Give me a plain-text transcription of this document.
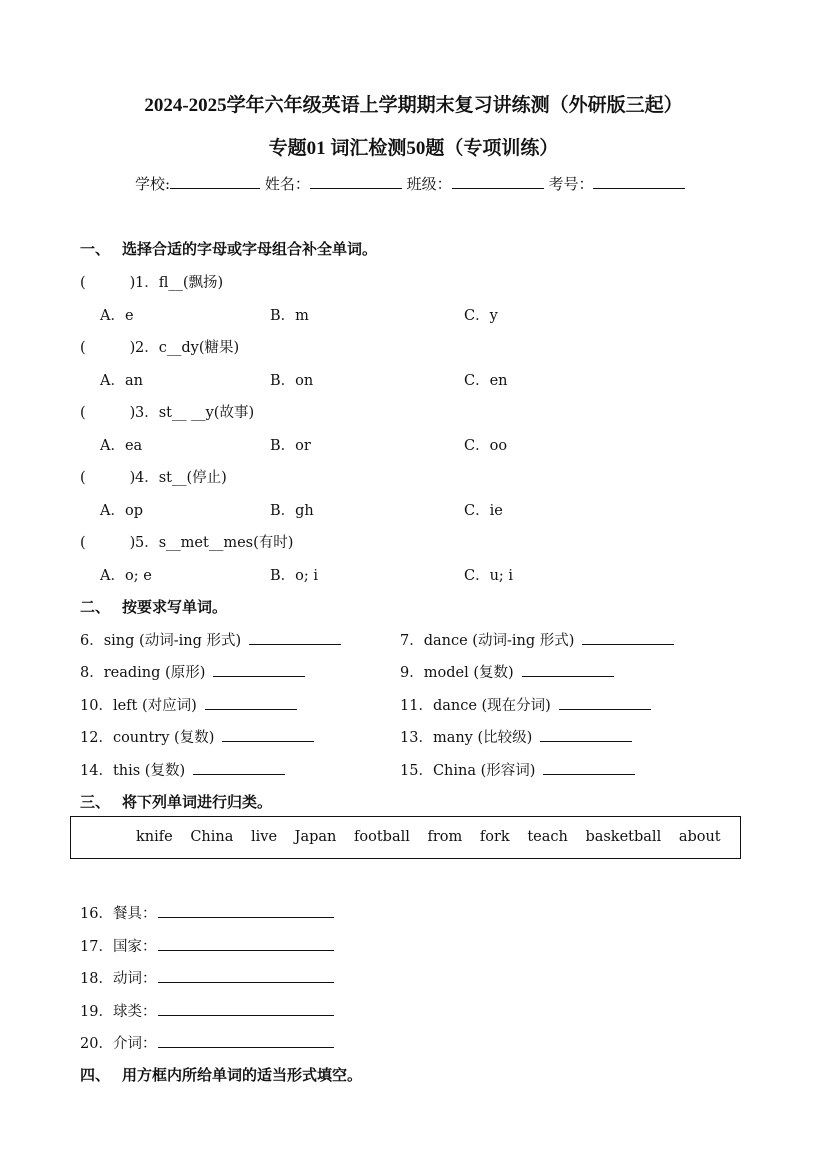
2024-2025学年六年级英语上学期期末复习讲练测（外研版三起）
专题01 词汇检测50题（专项训练）
学校:	姓名：	班级：	考号：
一、 选择合适的字母或字母组合补全单词。
(	)1．fl__(飘扬)
A．e	B．m	C．y
(	)2．c__dy(糖果)
A．an	B．on	C．en
(	)3．st__ __y(故事)
A．ea	B．or	C．oo
(	)4．st__(停止)
A．op	B．gh	C．ie
(	)5．s__met__mes(有时)
A．o; e	B．o; i	C．u; i
二、 按要求写单词。
6．sing (动词-ing 形式)	7．dance (动词-ing 形式)
8．reading (原形)	9．model (复数)
10．left (对应词)	11．dance (现在分词)
12．country (复数)	13．many (比较级)
14．this (复数)	15．China (形容词)
三、 将下列单词进行归类。
knife China live Japan football from fork teach basketball about
16．餐具：
17．国家：
18．动词：
19．球类：
20．介词：
四、 用方框内所给单词的适当形式填空。
